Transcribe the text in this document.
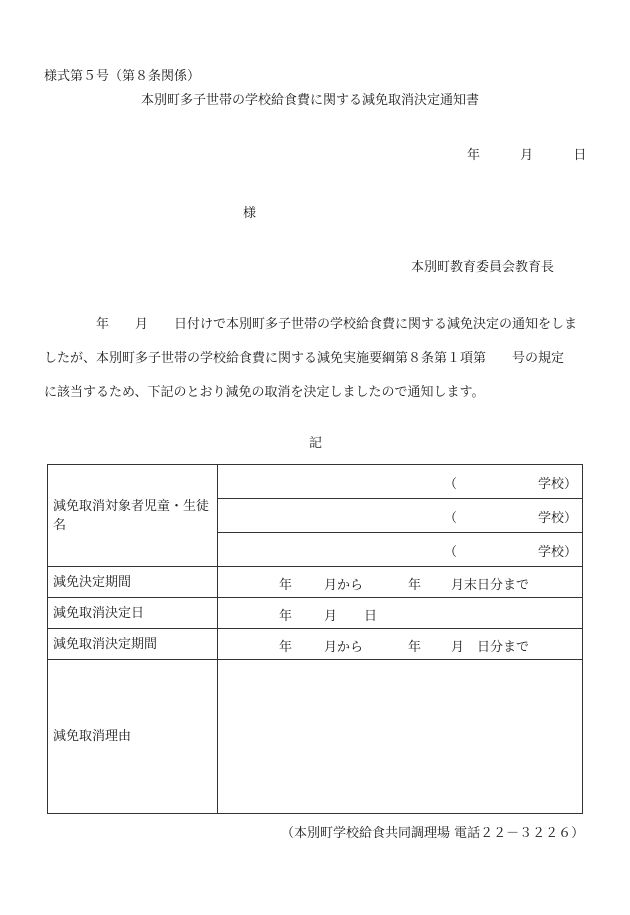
様式第５号（第８条関係）
本別町多子世帯の学校給食費に関する減免取消決定通知書
年	月	日
様
本別町教育委員会教育長
年　　月　　日付けで本別町多子世帯の学校給食費に関する減免決定の通知をしま
したが、本別町多子世帯の学校給食費に関する減免実施要綱第８条第１項第　　号の規定
に該当するため、下記のとおり減免の取消を決定しましたので通知します。
記
減免取消対象者児童・生徒名	（ 学校）

	（ 学校）

	（ 学校）

減免決定期間	年 月から 年 月末日分まで

減免取消決定日	年 月 日

減免取消決定期間	年 月から 年 月　日分まで

減免取消理由	
（本別町学校給食共同調理場 電話２２－３２２６）
